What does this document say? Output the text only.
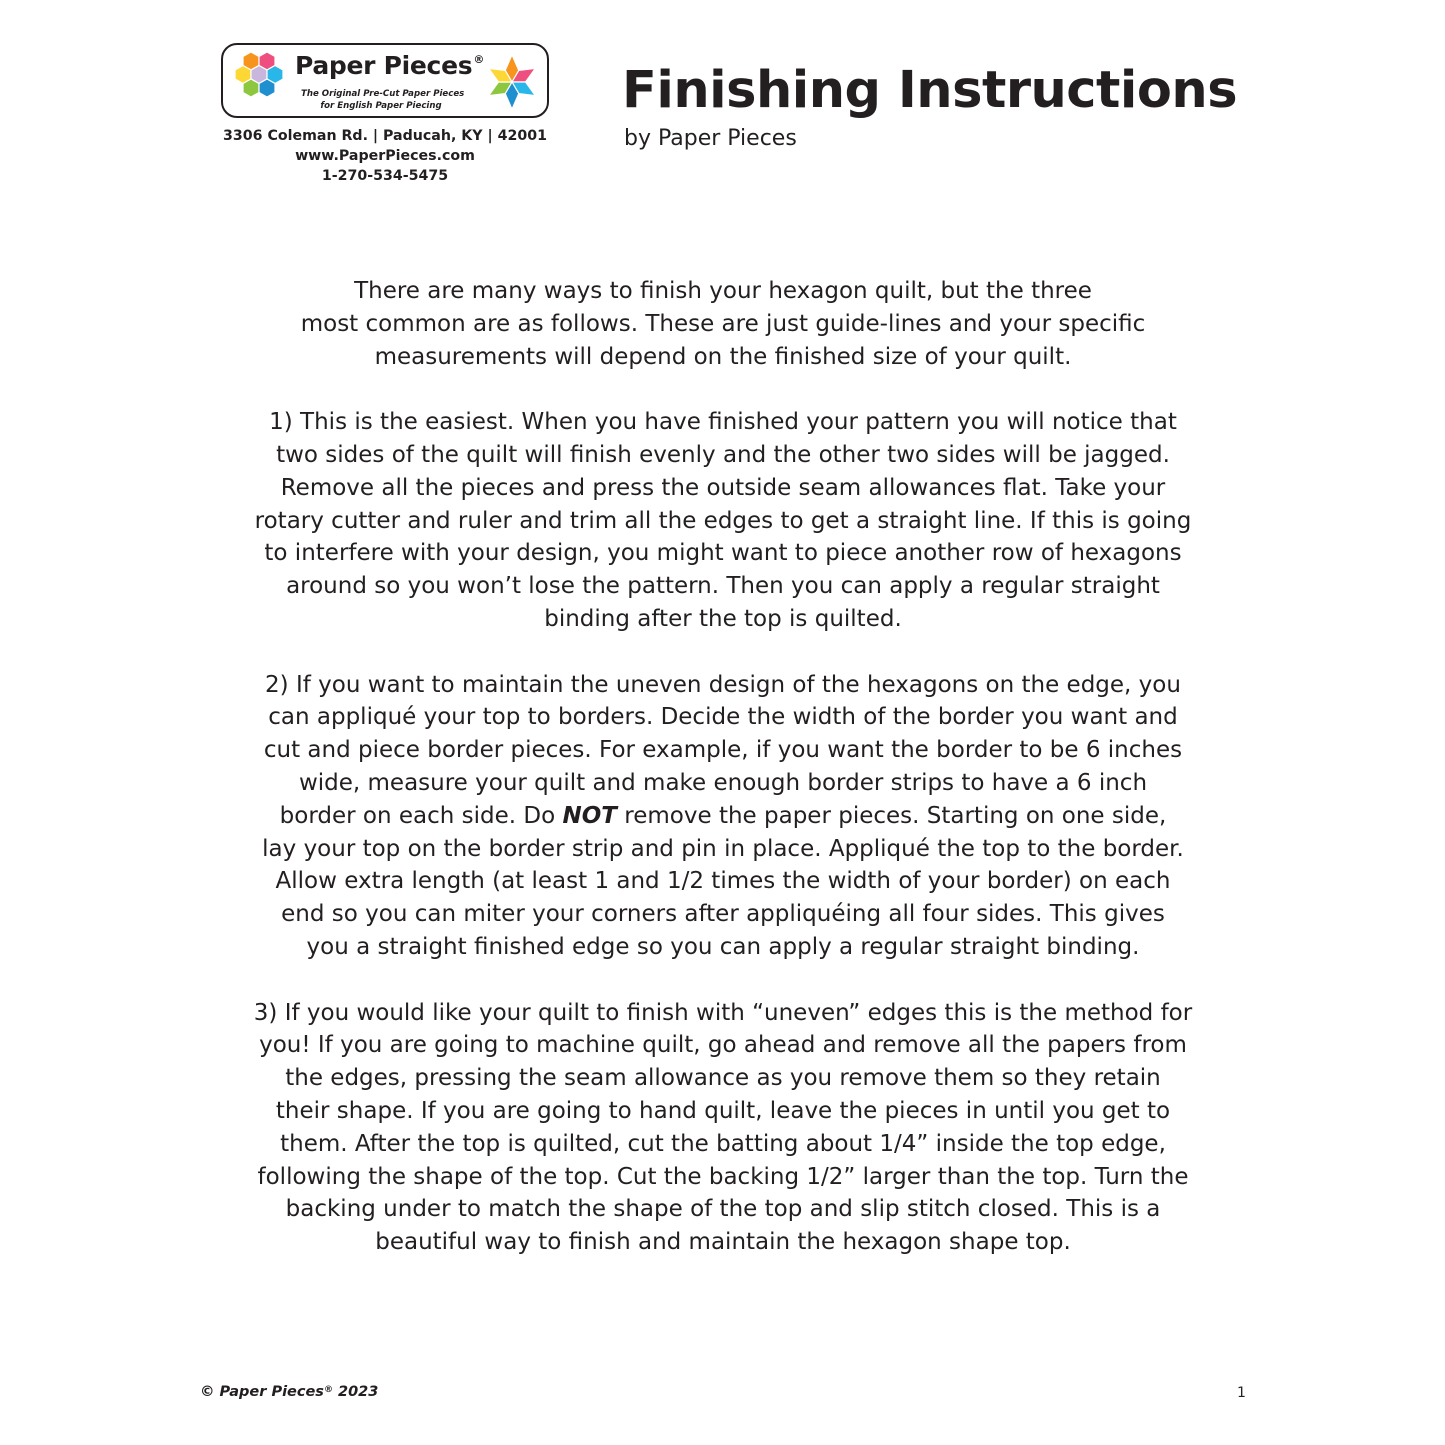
Paper Pieces®
The Original Pre-Cut Paper Pieces
for English Paper Piecing
3306 Coleman Rd. | Paducah, KY | 42001
www.PaperPieces.com
1-270-534-5475
Finishing Instructions
by Paper Pieces

There are many ways to finish your hexagon quilt, but the three
most common are as follows. These are just guide-lines and your specific
measurements will depend on the finished size of your quilt.

1) This is the easiest. When you have finished your pattern you will notice that
two sides of the quilt will finish evenly and the other two sides will be jagged.
Remove all the pieces and press the outside seam allowances flat. Take your
rotary cutter and ruler and trim all the edges to get a straight line. If this is going
to interfere with your design, you might want to piece another row of hexagons
around so you won’t lose the pattern. Then you can apply a regular straight
binding after the top is quilted.

2) If you want to maintain the uneven design of the hexagons on the edge, you
can appliqué your top to borders. Decide the width of the border you want and
cut and piece border pieces. For example, if you want the border to be 6 inches
wide, measure your quilt and make enough border strips to have a 6 inch
border on each side. Do NOT remove the paper pieces. Starting on one side,
lay your top on the border strip and pin in place. Appliqué the top to the border.
Allow extra length (at least 1 and 1/2 times the width of your border) on each
end so you can miter your corners after appliquéing all four sides. This gives
you a straight finished edge so you can apply a regular straight binding.

3) If you would like your quilt to finish with “uneven” edges this is the method for
you! If you are going to machine quilt, go ahead and remove all the papers from
the edges, pressing the seam allowance as you remove them so they retain
their shape. If you are going to hand quilt, leave the pieces in until you get to
them. After the top is quilted, cut the batting about 1/4” inside the top edge,
following the shape of the top. Cut the backing 1/2” larger than the top. Turn the
backing under to match the shape of the top and slip stitch closed. This is a
beautiful way to finish and maintain the hexagon shape top.

© Paper Pieces® 2023	1
